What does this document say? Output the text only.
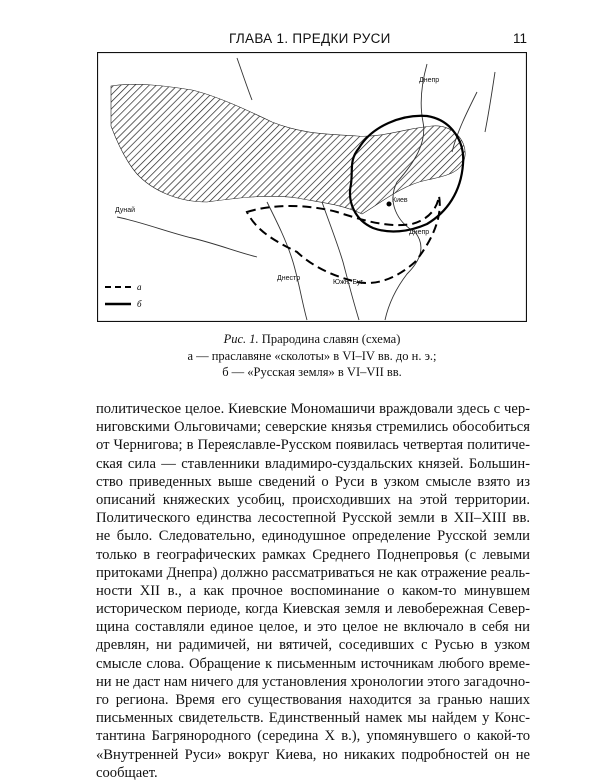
ГЛАВА 1. ПРЕДКИ РУСИ	11
Днепр
Днепр
Дунай
Днестр
Южн. Буг
Киев
а
б
Рис. 1. Прародина славян (схема)
а — праславяне «сколоты» в VI–IV вв. до н. э.;
б — «Русская земля» в VI–VII вв.
политическое целое. Киевские Мономашичи враждовали здесь с чер-
ниговскими Ольговичами; северские князья стремились обособиться
от Чернигова; в Переяславле-Русском появилась четвертая политиче-
ская сила — ставленники владимиро-суздальских князей. Большин-
ство приведенных выше сведений о Руси в узком смысле взято из
описаний княжеских усобиц, происходивших на этой территории.
Политического единства лесостепной Русской земли в XII–XIII вв.
не было. Следовательно, единодушное определение Русской земли
только в географических рамках Среднего Поднепровья (с левыми
притоками Днепра) должно рассматриваться не как отражение реаль-
ности XII в., а как прочное воспоминание о каком-то минувшем
историческом периоде, когда Киевская земля и левобережная Север-
щина составляли единое целое, и это целое не включало в себя ни
древлян, ни радимичей, ни вятичей, соседивших с Русью в узком
смысле слова. Обращение к письменным источникам любого време-
ни не даст нам ничего для установления хронологии этого загадочно-
го региона. Время его существования находится за гранью наших
письменных свидетельств. Единственный намек мы найдем у Конс-
тантина Багрянородного (середина X в.), упомянувшего о какой-то
«Внутренней Руси» вокруг Киева, но никаких подробностей он не
сообщает.
